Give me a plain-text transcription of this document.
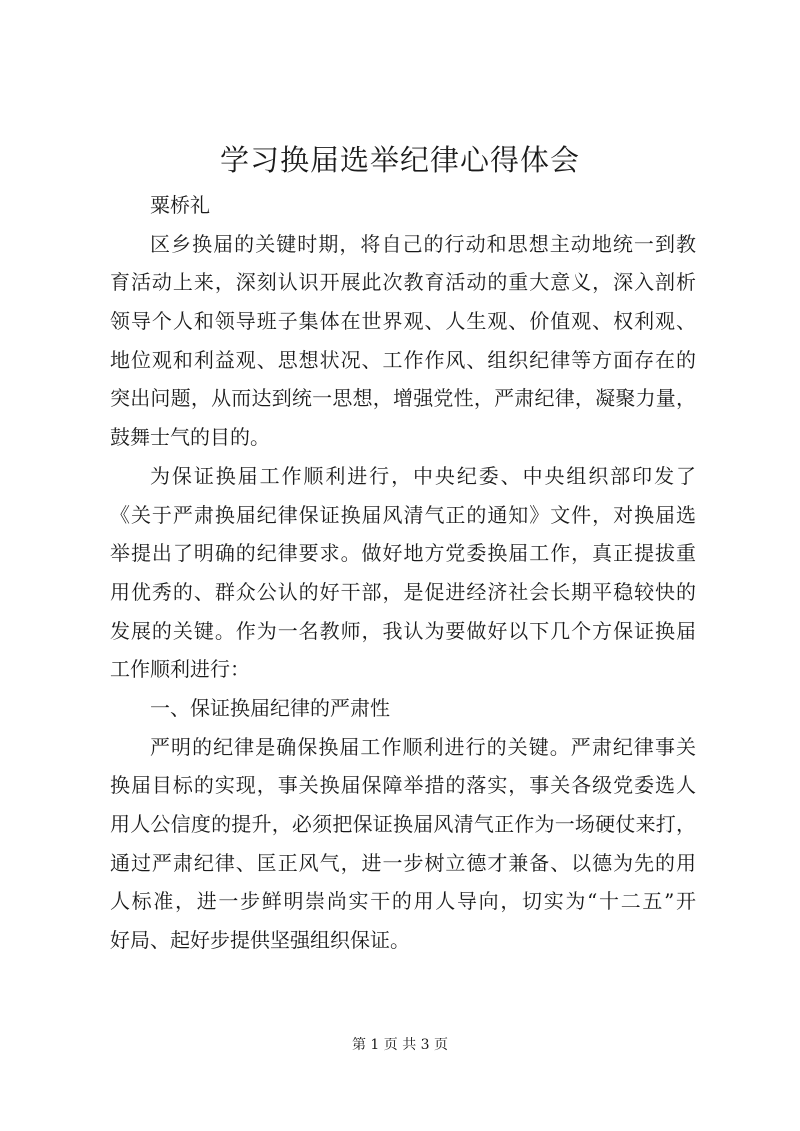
学习换届选举纪律心得体会
粟桥礼
区乡换届的关键时期，将自己的行动和思想主动地统一到教
育活动上来，深刻认识开展此次教育活动的重大意义，深入剖析
领导个人和领导班子集体在世界观、人生观、价值观、权利观、
地位观和利益观、思想状况、工作作风、组织纪律等方面存在的
突出问题，从而达到统一思想，增强党性，严肃纪律，凝聚力量，
鼓舞士气的目的。
为保证换届工作顺利进行，中央纪委、中央组织部印发了
《关于严肃换届纪律保证换届风清气正的通知》文件，对换届选
举提出了明确的纪律要求。做好地方党委换届工作，真正提拔重
用优秀的、群众公认的好干部，是促进经济社会长期平稳较快的
发展的关键。作为一名教师，我认为要做好以下几个方保证换届
工作顺利进行：
一、保证换届纪律的严肃性
严明的纪律是确保换届工作顺利进行的关键。严肃纪律事关
换届目标的实现，事关换届保障举措的落实，事关各级党委选人
用人公信度的提升，必须把保证换届风清气正作为一场硬仗来打，
通过严肃纪律、匡正风气，进一步树立德才兼备、以德为先的用
人标准，进一步鲜明崇尚实干的用人导向，切实为“十二五”开
好局、起好步提供坚强组织保证。
第 1 页 共 3 页
